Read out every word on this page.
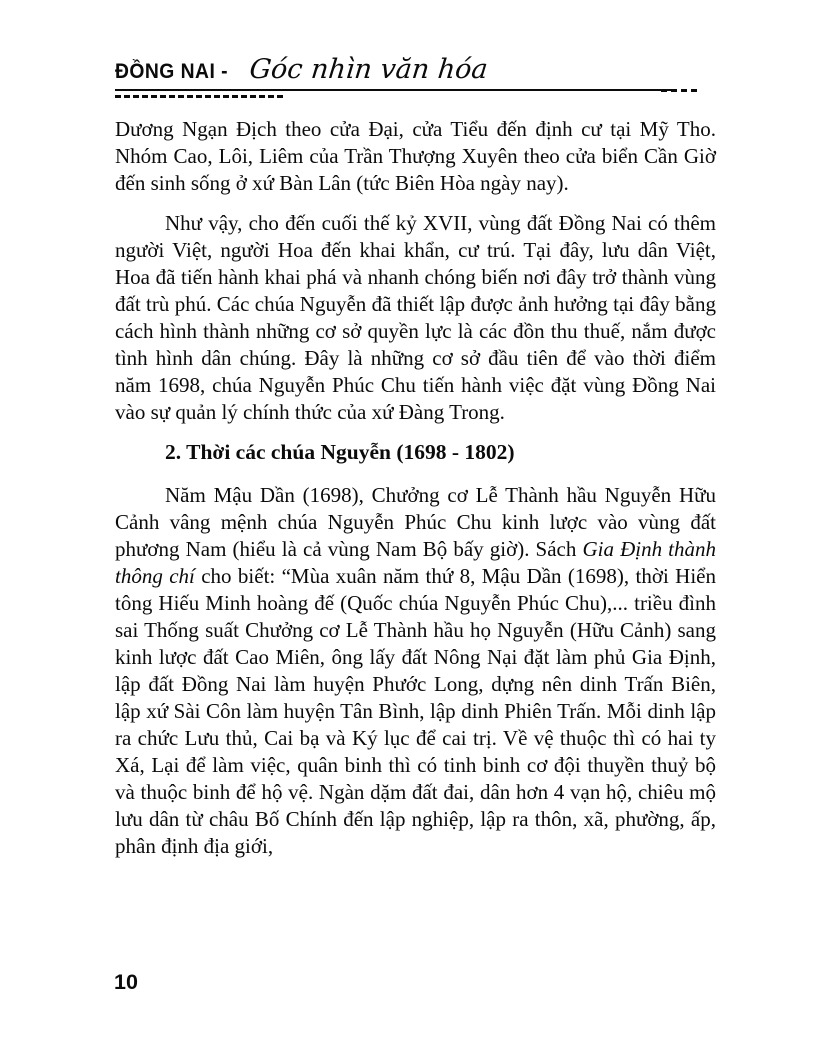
ĐỒNG NAI - Góc nhìn văn hóa

Dương Ngạn Địch theo cửa Đại, cửa Tiểu đến định cư tại Mỹ Tho. Nhóm Cao, Lôi, Liêm của Trần Thượng Xuyên theo cửa biển Cần Giờ đến sinh sống ở xứ Bàn Lân (tức Biên Hòa ngày nay).

Như vậy, cho đến cuối thế kỷ XVII, vùng đất Đồng Nai có thêm người Việt, người Hoa đến khai khẩn, cư trú. Tại đây, lưu dân Việt, Hoa đã tiến hành khai phá và nhanh chóng biến nơi đây trở thành vùng đất trù phú. Các chúa Nguyễn đã thiết lập được ảnh hưởng tại đây bằng cách hình thành những cơ sở quyền lực là các đồn thu thuế, nắm được tình hình dân chúng. Đây là những cơ sở đầu tiên để vào thời điểm năm 1698, chúa Nguyễn Phúc Chu tiến hành việc đặt vùng Đồng Nai vào sự quản lý chính thức của xứ Đàng Trong.

2. Thời các chúa Nguyễn (1698 - 1802)

Năm Mậu Dần (1698), Chưởng cơ Lễ Thành hầu Nguyễn Hữu Cảnh vâng mệnh chúa Nguyễn Phúc Chu kinh lược vào vùng đất phương Nam (hiểu là cả vùng Nam Bộ bấy giờ). Sách Gia Định thành thông chí cho biết: “Mùa xuân năm thứ 8, Mậu Dần (1698), thời Hiển tông Hiếu Minh hoàng đế (Quốc chúa Nguyễn Phúc Chu),... triều đình sai Thống suất Chưởng cơ Lễ Thành hầu họ Nguyễn (Hữu Cảnh) sang kinh lược đất Cao Miên, ông lấy đất Nông Nại đặt làm phủ Gia Định, lập đất Đồng Nai làm huyện Phước Long, dựng nên dinh Trấn Biên, lập xứ Sài Côn làm huyện Tân Bình, lập dinh Phiên Trấn. Mỗi dinh lập ra chức Lưu thủ, Cai bạ và Ký lục để cai trị. Về vệ thuộc thì có hai ty Xá, Lại để làm việc, quân binh thì có tinh binh cơ đội thuyền thuỷ bộ và thuộc binh để hộ vệ. Ngàn dặm đất đai, dân hơn 4 vạn hộ, chiêu mộ lưu dân từ châu Bố Chính đến lập nghiệp, lập ra thôn, xã, phường, ấp, phân định địa giới,

10
